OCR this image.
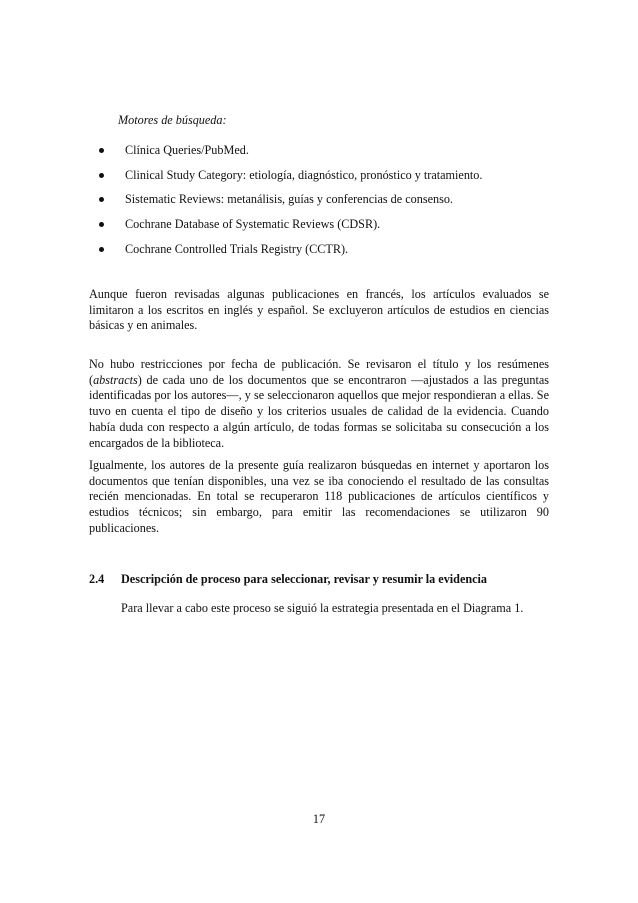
Motores de búsqueda:
Clínica Queries/PubMed.
Clinical Study Category: etiología, diagnóstico, pronóstico y tratamiento.
Sistematic Reviews: metanálisis, guías y conferencias de consenso.
Cochrane Database of Systematic Reviews (CDSR).
Cochrane Controlled Trials Registry (CCTR).

Aunque fueron revisadas algunas publicaciones en francés, los artículos evaluados se limitaron a los escritos en inglés y español. Se excluyeron artículos de estudios en ciencias básicas y en animales.

No hubo restricciones por fecha de publicación. Se revisaron el título y los resúmenes (abstracts) de cada uno de los documentos que se encontraron —ajustados a las preguntas identificadas por los autores—, y se seleccionaron aquellos que mejor respondieran a ellas. Se tuvo en cuenta el tipo de diseño y los criterios usuales de calidad de la evidencia. Cuando había duda con respecto a algún artículo, de todas formas se solicitaba su consecución a los encargados de la biblioteca.

Igualmente, los autores de la presente guía realizaron búsquedas en internet y aportaron los documentos que tenían disponibles, una vez se iba conociendo el resultado de las consultas recién mencionadas. En total se recuperaron 118 publicaciones de artículos científicos y estudios técnicos; sin embargo, para emitir las recomendaciones se utilizaron 90 publicaciones.

2.4 Descripción de proceso para seleccionar, revisar y resumir la evidencia
Para llevar a cabo este proceso se siguió la estrategia presentada en el Diagrama 1.
17
